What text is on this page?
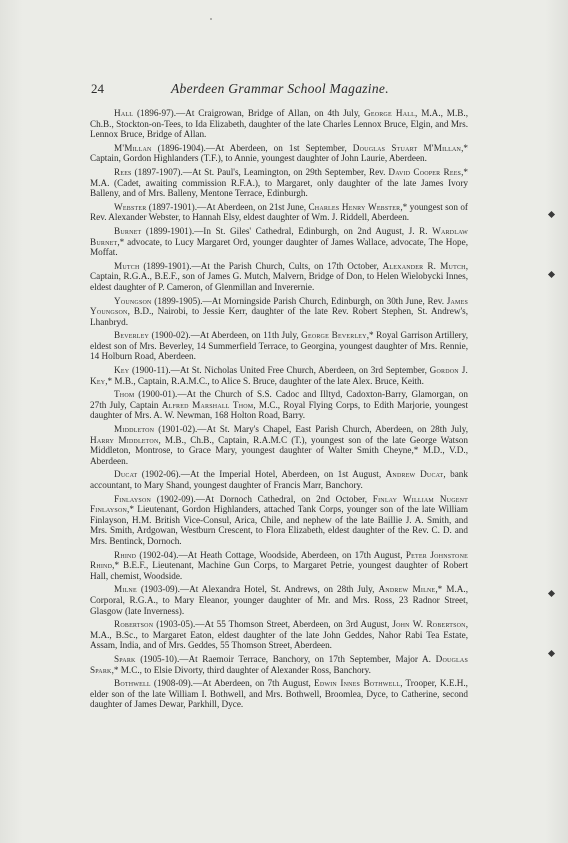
24	Aberdeen Grammar School Magazine.

Hall (1896-97).—At Craigrowan, Bridge of Allan, on 4th July, George Hall, M.A., M.B., Ch.B., Stockton-on-Tees, to Ida Elizabeth, daughter of the late Charles Lennox Bruce, Elgin, and Mrs. Lennox Bruce, Bridge of Allan.

M'Millan (1896-1904).—At Aberdeen, on 1st September, Douglas Stuart M'Millan,* Captain, Gordon Highlanders (T.F.), to Annie, youngest daughter of John Laurie, Aberdeen.

Rees (1897-1907).—At St. Paul's, Leamington, on 29th September, Rev. David Cooper Rees,* M.A. (Cadet, awaiting commission R.F.A.), to Margaret, only daughter of the late James Ivory Balleny, and of Mrs. Balleny, Mentone Terrace, Edinburgh.

Webster (1897-1901).—At Aberdeen, on 21st June, Charles Henry Webster,* youngest son of Rev. Alexander Webster, to Hannah Elsy, eldest daughter of Wm. J. Riddell, Aberdeen.

Burnet (1899-1901).—In St. Giles' Cathedral, Edinburgh, on 2nd August, J. R. Wardlaw Burnet,* advocate, to Lucy Margaret Ord, younger daughter of James Wallace, advocate, The Hope, Moffat.

Mutch (1899-1901).—At the Parish Church, Cults, on 17th October, Alexander R. Mutch, Captain, R.G.A., B.E.F., son of James G. Mutch, Malvern, Bridge of Don, to Helen Wielobycki Innes, eldest daughter of P. Cameron, of Glenmillan and Inverernie.

Youngson (1899-1905).—At Morningside Parish Church, Edinburgh, on 30th June, Rev. James Youngson, B.D., Nairobi, to Jessie Kerr, daughter of the late Rev. Robert Stephen, St. Andrew's, Lhanbryd.

Beverley (1900-02).—At Aberdeen, on 11th July, George Beverley,* Royal Garrison Artillery, eldest son of Mrs. Beverley, 14 Summerfield Terrace, to Georgina, youngest daughter of Mrs. Rennie, 14 Holburn Road, Aberdeen.

Key (1900-11).—At St. Nicholas United Free Church, Aberdeen, on 3rd September, Gordon J. Key,* M.B., Captain, R.A.M.C., to Alice S. Bruce, daughter of the late Alex. Bruce, Keith.

Thom (1900-01).—At the Church of S.S. Cadoc and Illtyd, Cadoxton-Barry, Glamorgan, on 27th July, Captain Alfred Marshall Thom, M.C., Royal Flying Corps, to Edith Marjorie, youngest daughter of Mrs. A. W. Newman, 168 Holton Road, Barry.

Middleton (1901-02).—At St. Mary's Chapel, East Parish Church, Aberdeen, on 28th July, Harry Middleton, M.B., Ch.B., Captain, R.A.M.C (T.), youngest son of the late George Watson Middleton, Montrose, to Grace Mary, youngest daughter of Walter Smith Cheyne,* M.D., V.D., Aberdeen.

Ducat (1902-06).—At the Imperial Hotel, Aberdeen, on 1st August, Andrew Ducat, bank accountant, to Mary Shand, youngest daughter of Francis Marr, Banchory.

Finlayson (1902-09).—At Dornoch Cathedral, on 2nd October, Finlay William Nugent Finlayson,* Lieutenant, Gordon Highlanders, attached Tank Corps, younger son of the late William Finlayson, H.M. British Vice-Consul, Arica, Chile, and nephew of the late Baillie J. A. Smith, and Mrs. Smith, Ardgowan, Westburn Crescent, to Flora Elizabeth, eldest daughter of the Rev. C. D. and Mrs. Bentinck, Dornoch.

Rhind (1902-04).—At Heath Cottage, Woodside, Aberdeen, on 17th August, Peter Johnstone Rhind,* B.E.F., Lieutenant, Machine Gun Corps, to Margaret Petrie, youngest daughter of Robert Hall, chemist, Woodside.

Milne (1903-09).—At Alexandra Hotel, St. Andrews, on 28th July, Andrew Milne,* M.A., Corporal, R.G.A., to Mary Eleanor, younger daughter of Mr. and Mrs. Ross, 23 Radnor Street, Glasgow (late Inverness).

Robertson (1903-05).—At 55 Thomson Street, Aberdeen, on 3rd August, John W. Robertson, M.A., B.Sc., to Margaret Eaton, eldest daughter of the late John Geddes, Nahor Rabi Tea Estate, Assam, India, and of Mrs. Geddes, 55 Thomson Street, Aberdeen.

Spark (1905-10).—At Raemoir Terrace, Banchory, on 17th September, Major A. Douglas Spark,* M.C., to Elsie Divorty, third daughter of Alexander Ross, Banchory.

Bothwell (1908-09).—At Aberdeen, on 7th August, Edwin Innes Bothwell, Trooper, K.E.H., elder son of the late William I. Bothwell, and Mrs. Bothwell, Broomlea, Dyce, to Catherine, second daughter of James Dewar, Parkhill, Dyce.
